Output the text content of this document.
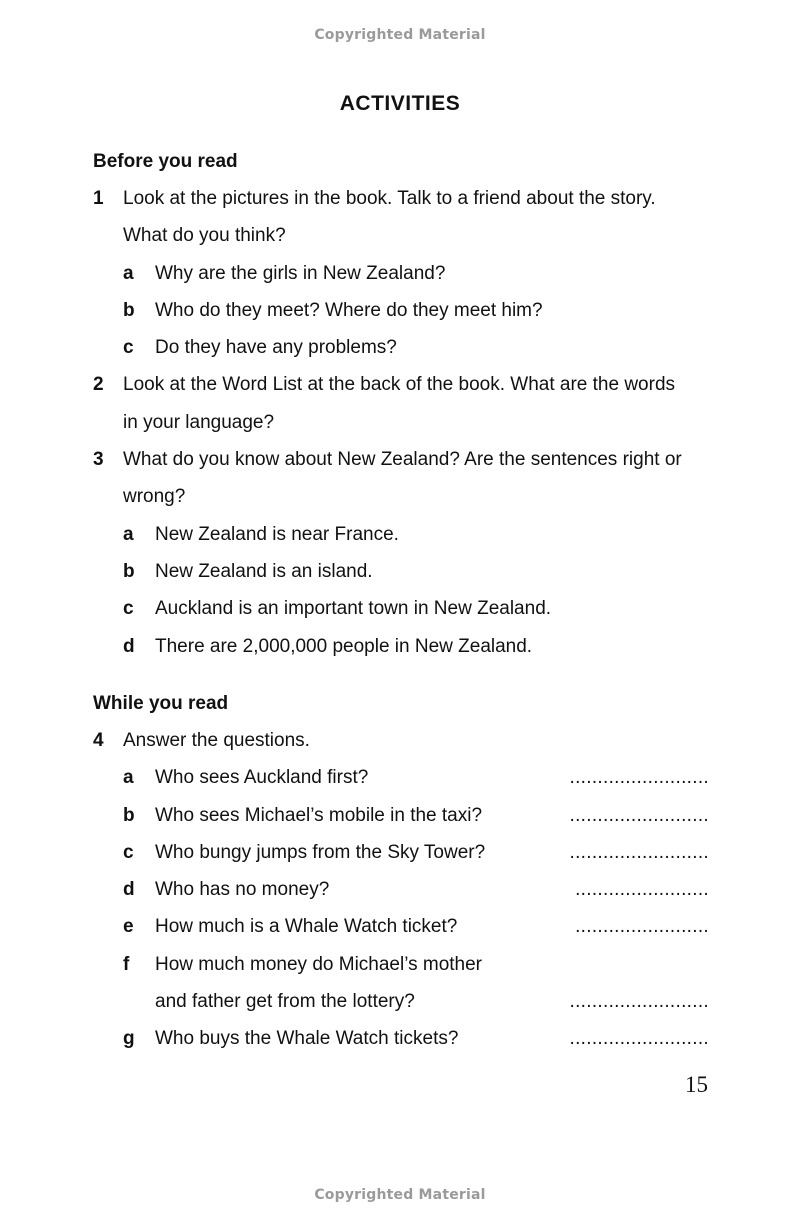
Copyrighted Material
ACTIVITIES
Before you read
1 Look at the pictures in the book. Talk to a friend about the story.
What do you think?
a Why are the girls in New Zealand?
b Who do they meet? Where do they meet him?
c Do they have any problems?
2 Look at the Word List at the back of the book. What are the words
in your language?
3 What do you know about New Zealand? Are the sentences right or
wrong?
a New Zealand is near France.
b New Zealand is an island.
c Auckland is an important town in New Zealand.
d There are 2,000,000 people in New Zealand.
While you read
4 Answer the questions.
a Who sees Auckland first?	.........................
b Who sees Michael’s mobile in the taxi?	.........................
c Who bungy jumps from the Sky Tower?	.........................
d Who has no money?	........................
e How much is a Whale Watch ticket?	........................
f How much money do Michael’s mother
and father get from the lottery?	.........................
g Who buys the Whale Watch tickets?	.........................
15
Copyrighted Material
